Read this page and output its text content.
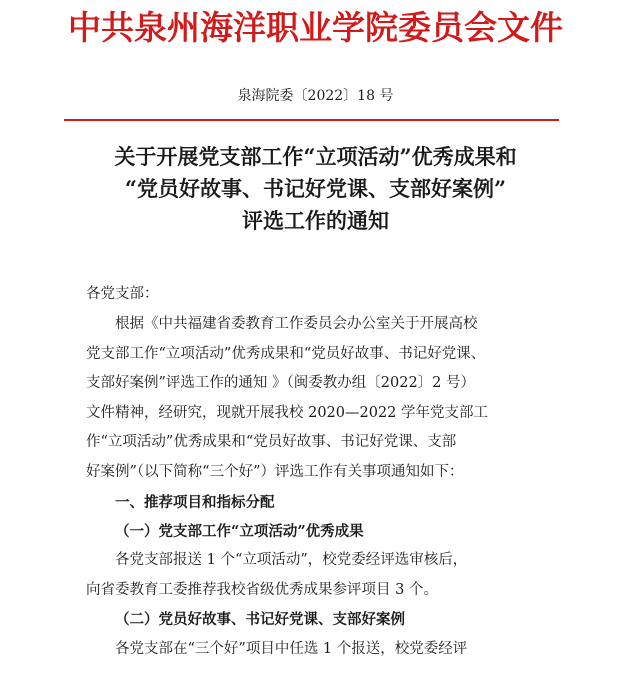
中共泉州海洋职业学院委员会文件
泉海院委〔2022〕18 号
关于开展党支部工作“立项活动”优秀成果和
“党员好故事、书记好党课、支部好案例”
评选工作的通知
各党支部：
根据《中共福建省委教育工作委员会办公室关于开展高校
党支部工作“立项活动”优秀成果和“党员好故事、书记好党课、
支部好案例”评选工作的通知 》（闽委教办组〔2022〕2 号）
文件精神，经研究，现就开展我校 2020—2022 学年党支部工
作“立项活动”优秀成果和“党员好故事、书记好党课、支部
好案例”（以下简称“三个好”）评选工作有关事项通知如下：
一、推荐项目和指标分配
（一）党支部工作“立项活动”优秀成果
各党支部报送 1 个“立项活动”，校党委经评选审核后，
向省委教育工委推荐我校省级优秀成果参评项目 3 个。
（二）党员好故事、书记好党课、支部好案例
各党支部在“三个好”项目中任选 1 个报送，校党委经评
